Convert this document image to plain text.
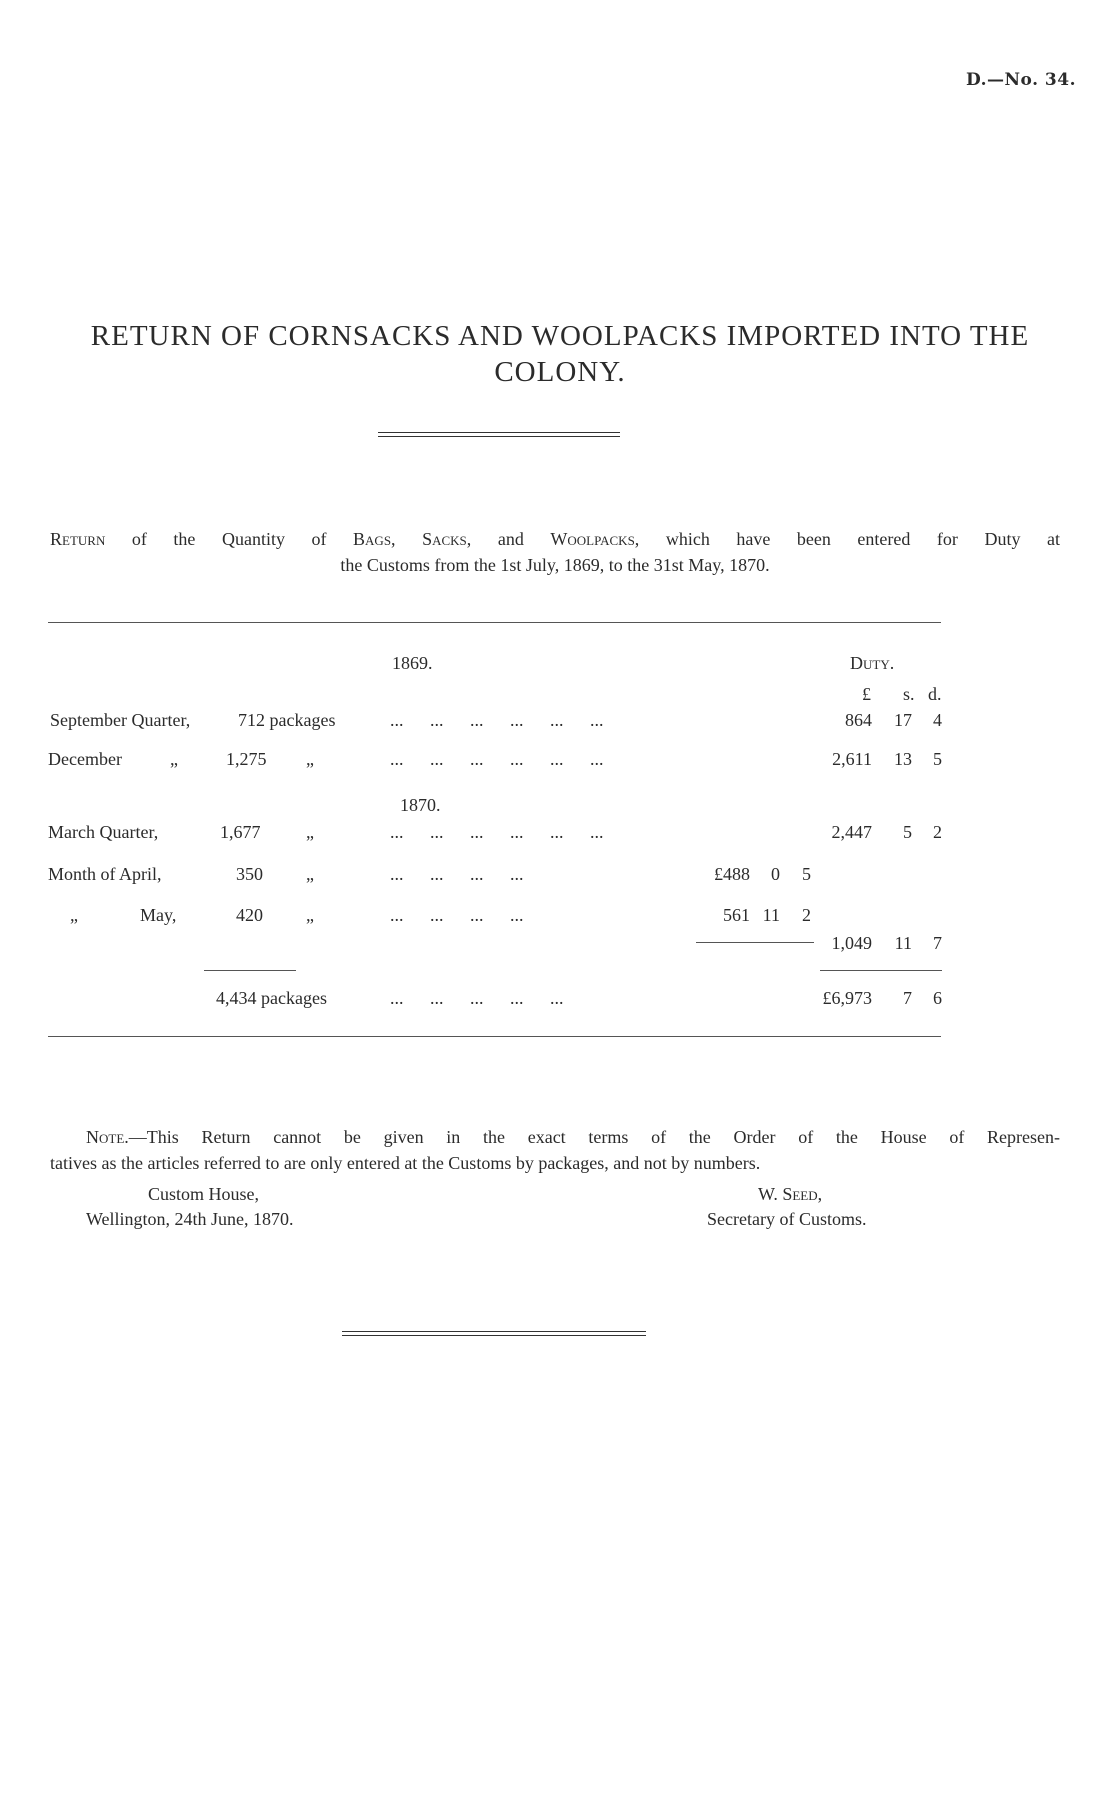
D.—No. 34.
RETURN OF CORNSACKS AND WOOLPACKS IMPORTED INTO THE COLONY.
Return of the Quantity of Bags, Sacks, and Woolpacks, which have been entered for Duty at
the Customs from the 1st July, 1869, to the 31st May, 1870.
1869.	Duty.
£ s. d.
September Quarter,	712 packages	... ... ... ... ... ...	864	17	4
December	„	1,275 „	... ... ... ... ... ...	2,611	13	5
1870.
March Quarter,	1,677	„	... ... ... ... ... ...	2,447	5	2
Month of April,	350 „	... ... ... ...	£488	0	5
„	May,	420 „	... ... ... ...	561 11	2
1,049	11	7
4,434 packages	... ... ... ... ...	£6,973	7	6
Note.—This Return cannot be given in the exact terms of the Order of the House of Represen-
tatives as the articles referred to are only entered at the Customs by packages, and not by numbers.
Custom House,
Wellington, 24th June, 1870.
W. Seed,
Secretary of Customs.
